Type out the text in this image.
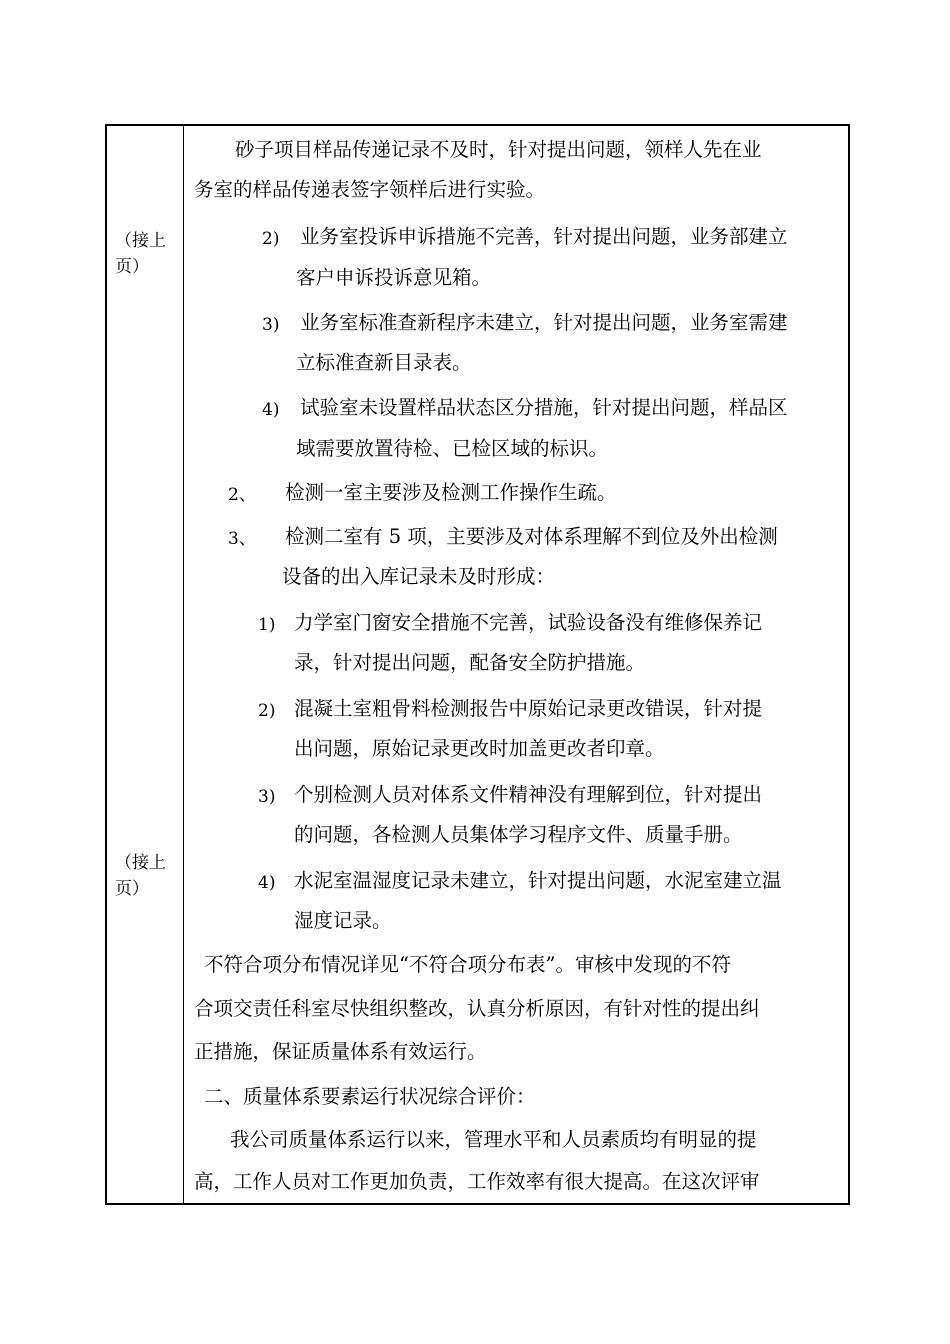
（接上
页）
（接上
页）
砂子项目样品传递记录不及时，针对提出问题，领样人先在业
务室的样品传递表签字领样后进行实验。
2) 业务室投诉申诉措施不完善，针对提出问题，业务部建立
客户申诉投诉意见箱。
3) 业务室标准查新程序未建立，针对提出问题，业务室需建
立标准查新目录表。
4) 试验室未设置样品状态区分措施，针对提出问题，样品区
域需要放置待检、已检区域的标识。
2、 检测一室主要涉及检测工作操作生疏。
3、 检测二室有 5 项，主要涉及对体系理解不到位及外出检测
设备的出入库记录未及时形成：
1) 力学室门窗安全措施不完善，试验设备没有维修保养记
录，针对提出问题，配备安全防护措施。
2) 混凝土室粗骨料检测报告中原始记录更改错误，针对提
出问题，原始记录更改时加盖更改者印章。
3) 个别检测人员对体系文件精神没有理解到位，针对提出
的问题，各检测人员集体学习程序文件、质量手册。
4) 水泥室温湿度记录未建立，针对提出问题，水泥室建立温
湿度记录。
不符合项分布情况详见“不符合项分布表”。审核中发现的不符
合项交责任科室尽快组织整改，认真分析原因，有针对性的提出纠
正措施，保证质量体系有效运行。
二、质量体系要素运行状况综合评价：
我公司质量体系运行以来，管理水平和人员素质均有明显的提
高，工作人员对工作更加负责，工作效率有很大提高。在这次评审
